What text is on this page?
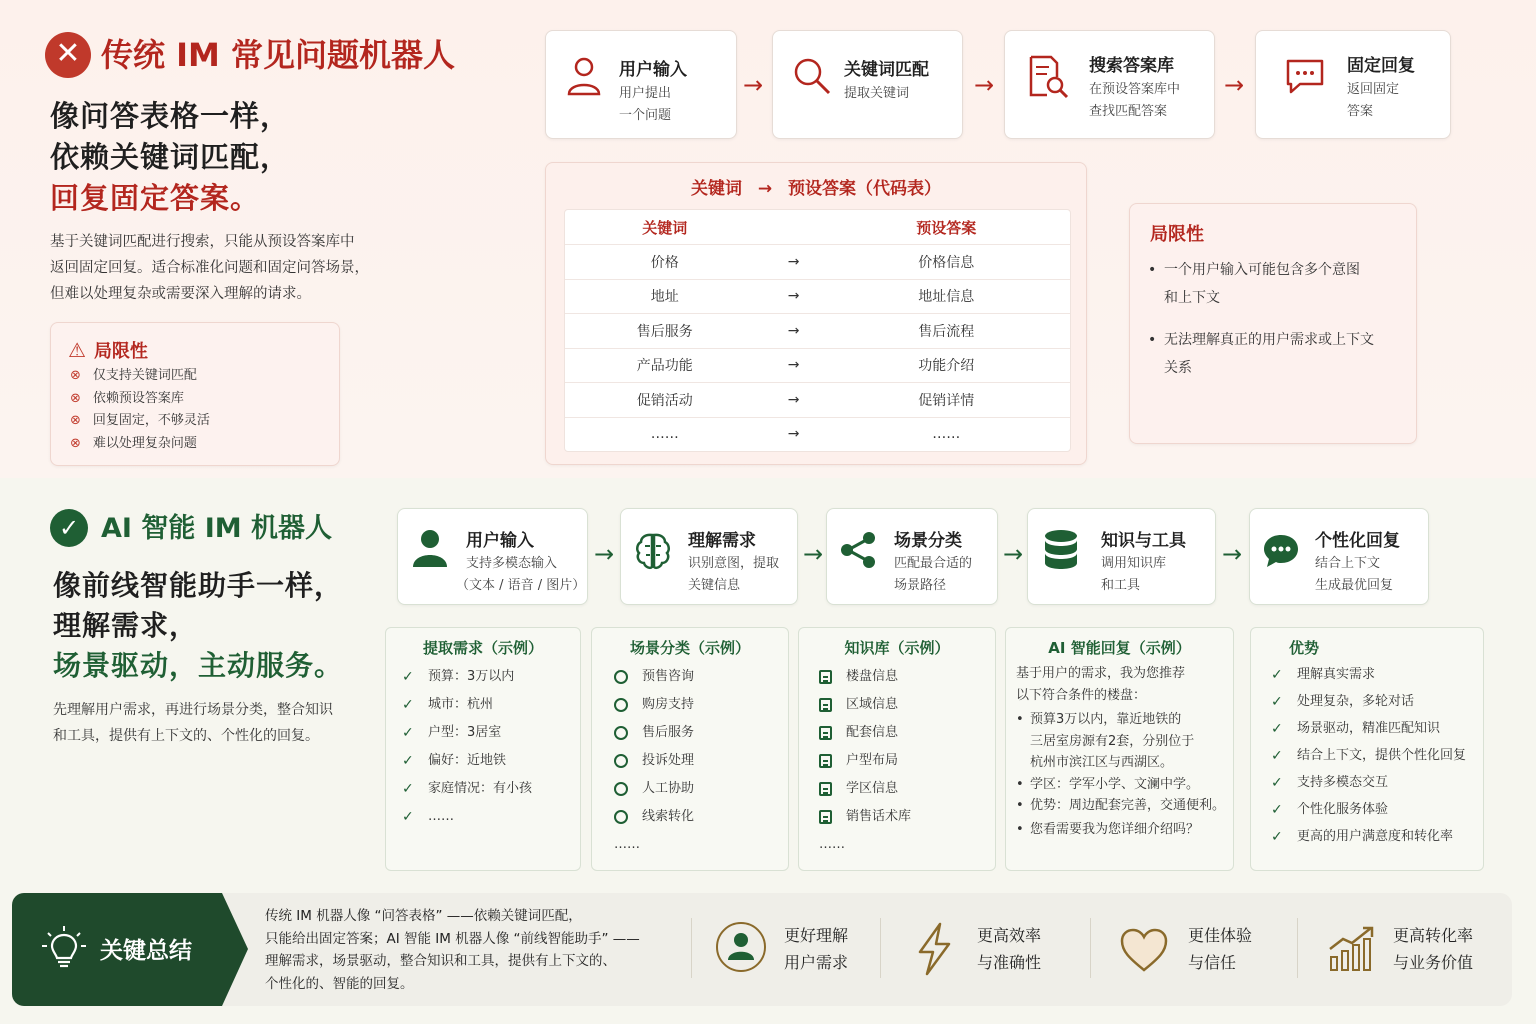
✕ 传统 IM 常见问题机器人
像问答表格一样，
依赖关键词匹配，
回复固定答案。
基于关键词匹配进行搜索，只能从预设答案库中
返回固定回复。适合标准化问题和固定问答场景，
但难以处理复杂或需要深入理解的请求。
⚠ 局限性
⊗ 仅支持关键词匹配
⊗ 依赖预设答案库
⊗ 回复固定，不够灵活
⊗ 难以处理复杂问题
用户输入
用户提出
一个问题
→
关键词匹配
提取关键词	→
搜索答案库
在预设答案库中
查找匹配答案
→
固定回复
返回固定
答案
关键词 → 预设答案（代码表）
关键词	预设答案
价格	→	价格信息
地址	→	地址信息
售后服务	→	售后流程
产品功能	→	功能介绍
促销活动	→	促销详情
……	→	……
局限性
• 一个用户输入可能包含多个意图
和上下文
• 无法理解真正的用户需求或上下文
关系
✓ AI 智能 IM 机器人
像前线智能助手一样，
理解需求，
场景驱动，主动服务。
先理解用户需求，再进行场景分类，整合知识
和工具，提供有上下文的、个性化的回复。
用户输入
支持多模态输入
（文本 / 语音 / 图片）
→	理解需求
识别意图，提取
关键信息
→	场景分类
匹配最合适的
场景路径
→	知识与工具
调用知识库
和工具
→	个性化回复
结合上下文
生成最优回复
提取需求（示例）
✓	预算：3万以内
✓	城市：杭州
✓	户型：3居室
✓	偏好：近地铁
✓	家庭情况：有小孩
✓	……
场景分类（示例）
预售咨询
购房支持
售后服务
投诉处理
人工协助
线索转化
……
知识库（示例）
楼盘信息
区域信息
配套信息
户型布局
学区信息
销售话术库
……
AI 智能回复（示例）
基于用户的需求，我为您推荐
以下符合条件的楼盘：
• 预算3万以内，靠近地铁的
三居室房源有2套，分别位于
杭州市滨江区与西湖区。
• 学区：学军小学、文澜中学。
• 优势：周边配套完善，交通便利。
• 您看需要我为您详细介绍吗？
优势
✓	理解真实需求
✓	处理复杂，多轮对话
✓	场景驱动，精准匹配知识
✓	结合上下文，提供个性化回复
✓	支持多模态交互
✓	个性化服务体验
✓	更高的用户满意度和转化率
关键总结
传统 IM 机器人像 “问答表格” ——依赖关键词匹配，
只能给出固定答案；AI 智能 IM 机器人像 “前线智能助手” ——
理解需求，场景驱动，整合知识和工具，提供有上下文的、
个性化的、智能的回复。
更好理解
用户需求
更高效率
与准确性
更佳体验
与信任
更高转化率
与业务价值
